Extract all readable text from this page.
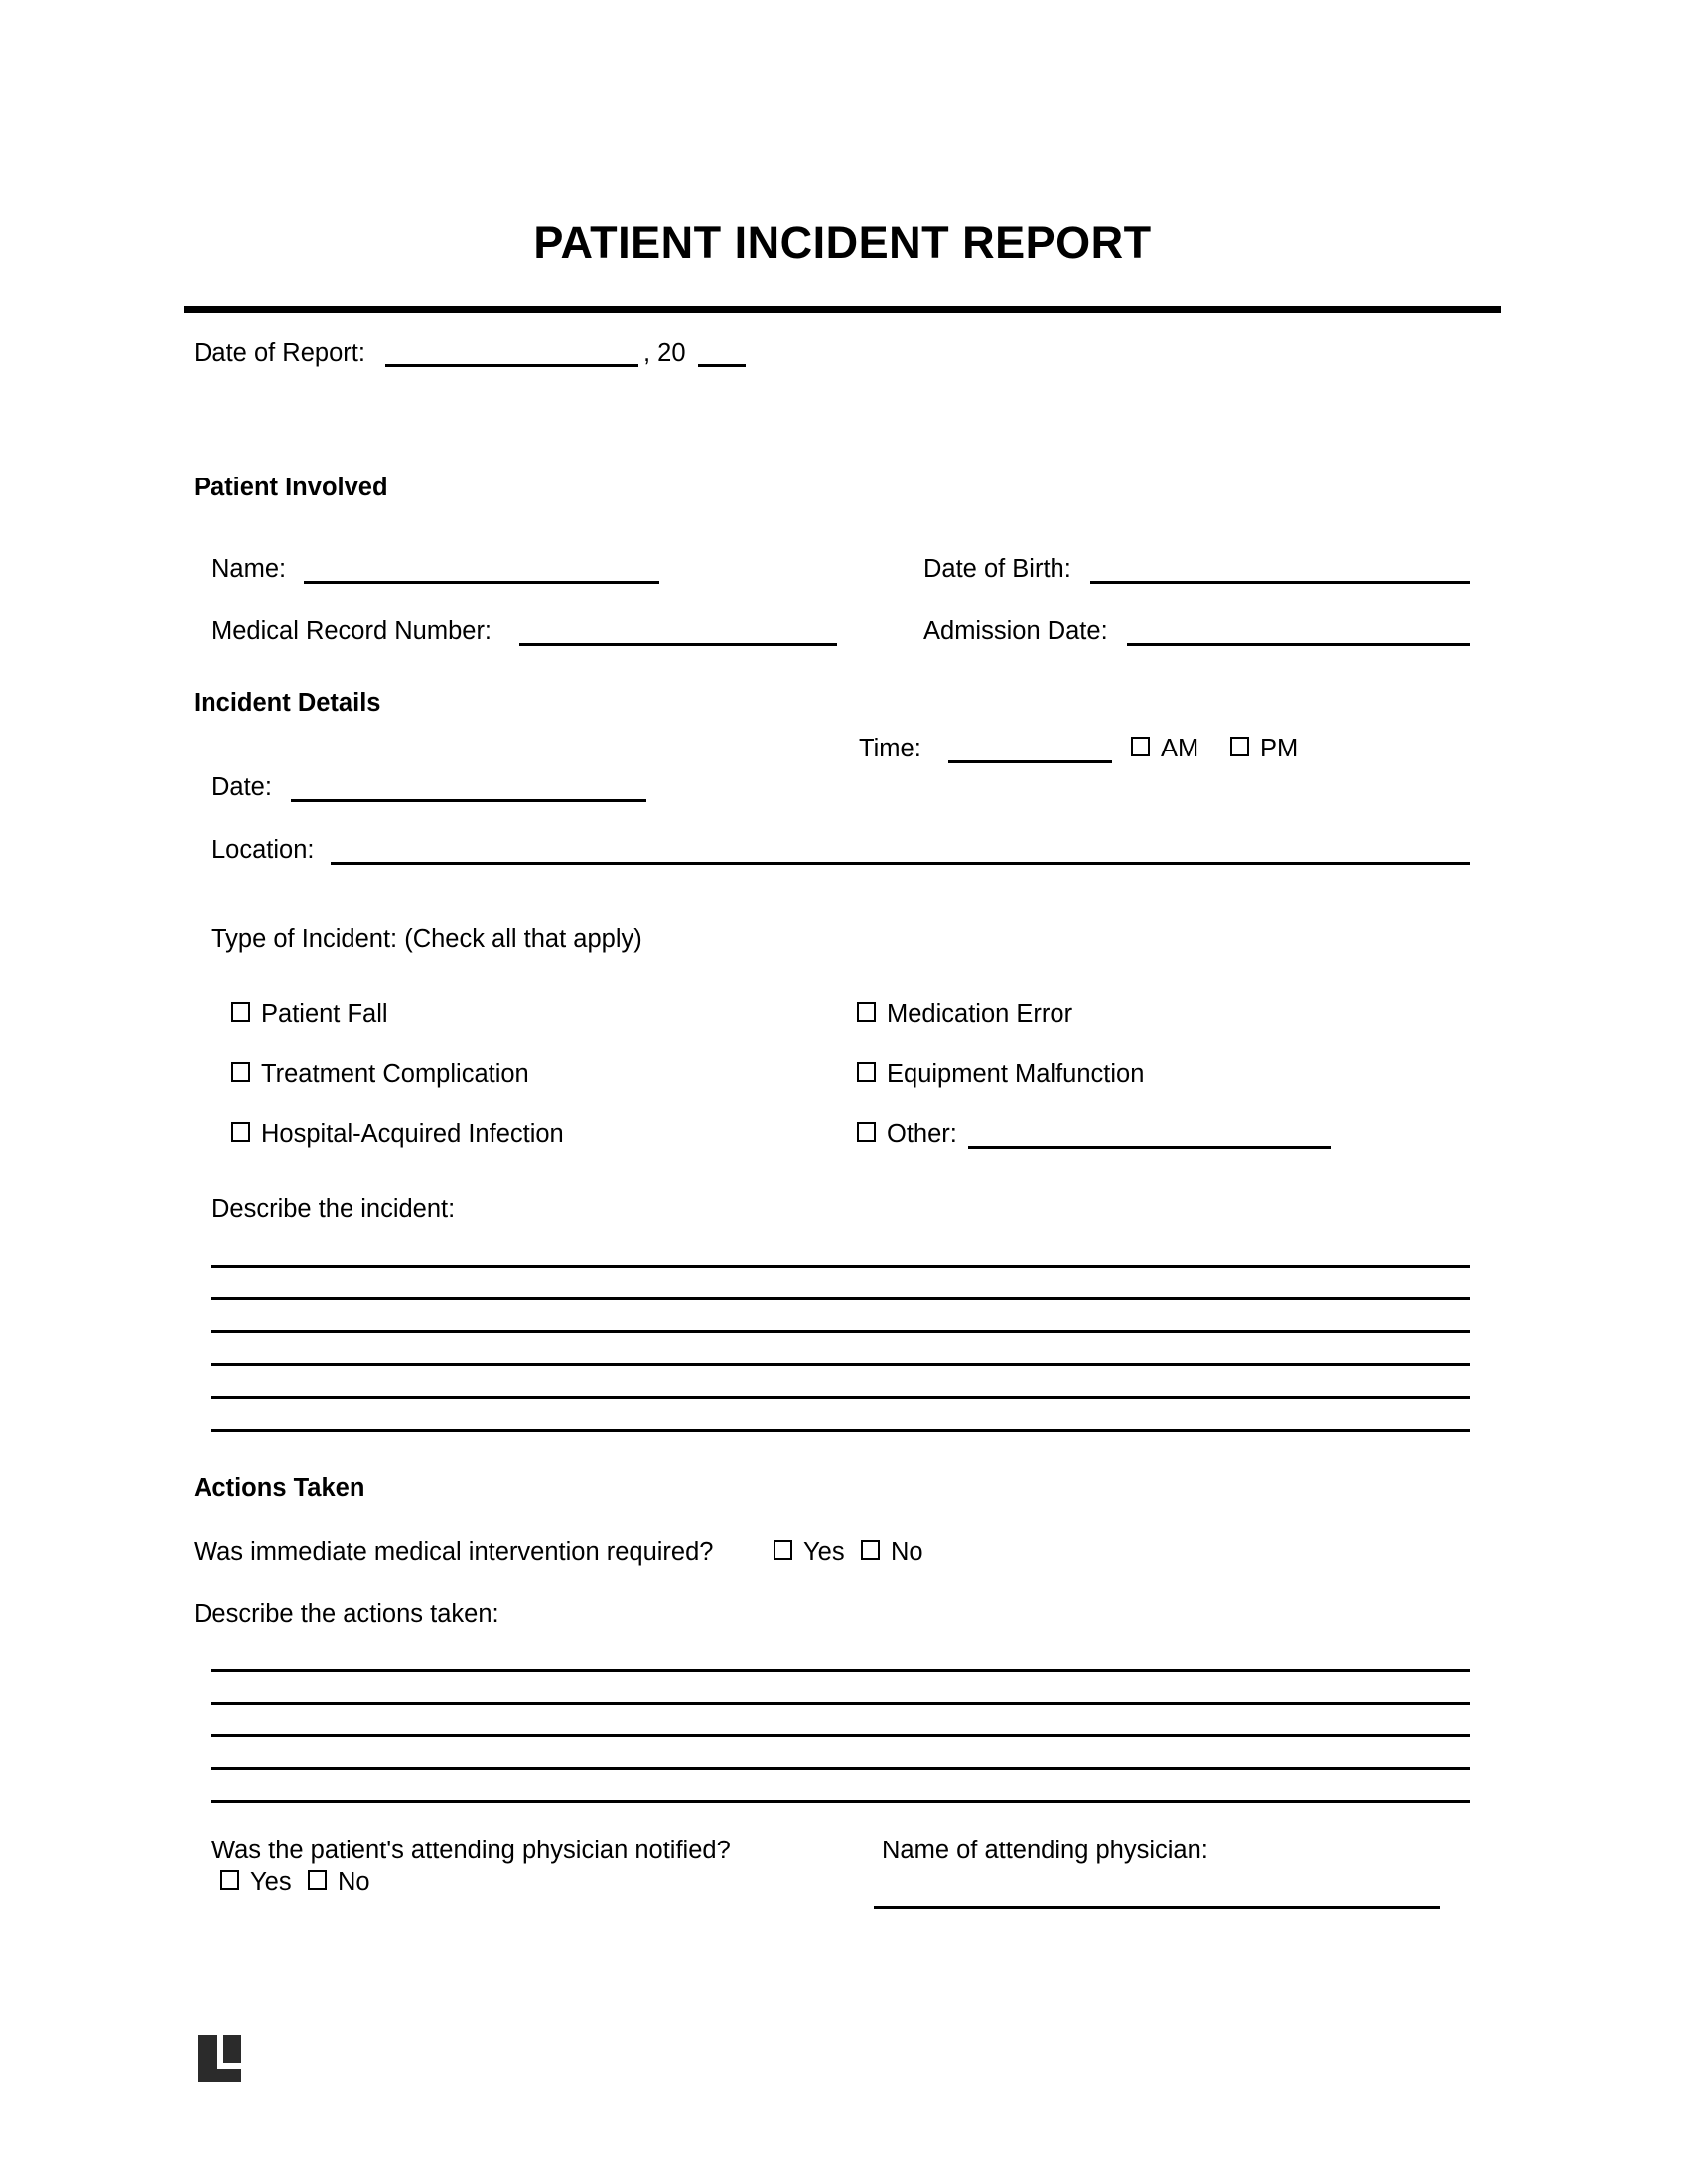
PATIENT INCIDENT REPORT
Date of Report:	, 20
Patient Involved
Name:	Date of Birth:
Medical Record Number:	Admission Date:
Incident Details
Time:	AM PM
Date:
Location:
Type of Incident: (Check all that apply)
Patient Fall
Treatment Complication
Hospital-Acquired Infection
Medication Error
Equipment Malfunction
Other:
Describe the incident:
Actions Taken
Was immediate medical intervention required?	Yes No
Describe the actions taken:
Was the patient's attending physician notified?
Yes No
Name of attending physician:
